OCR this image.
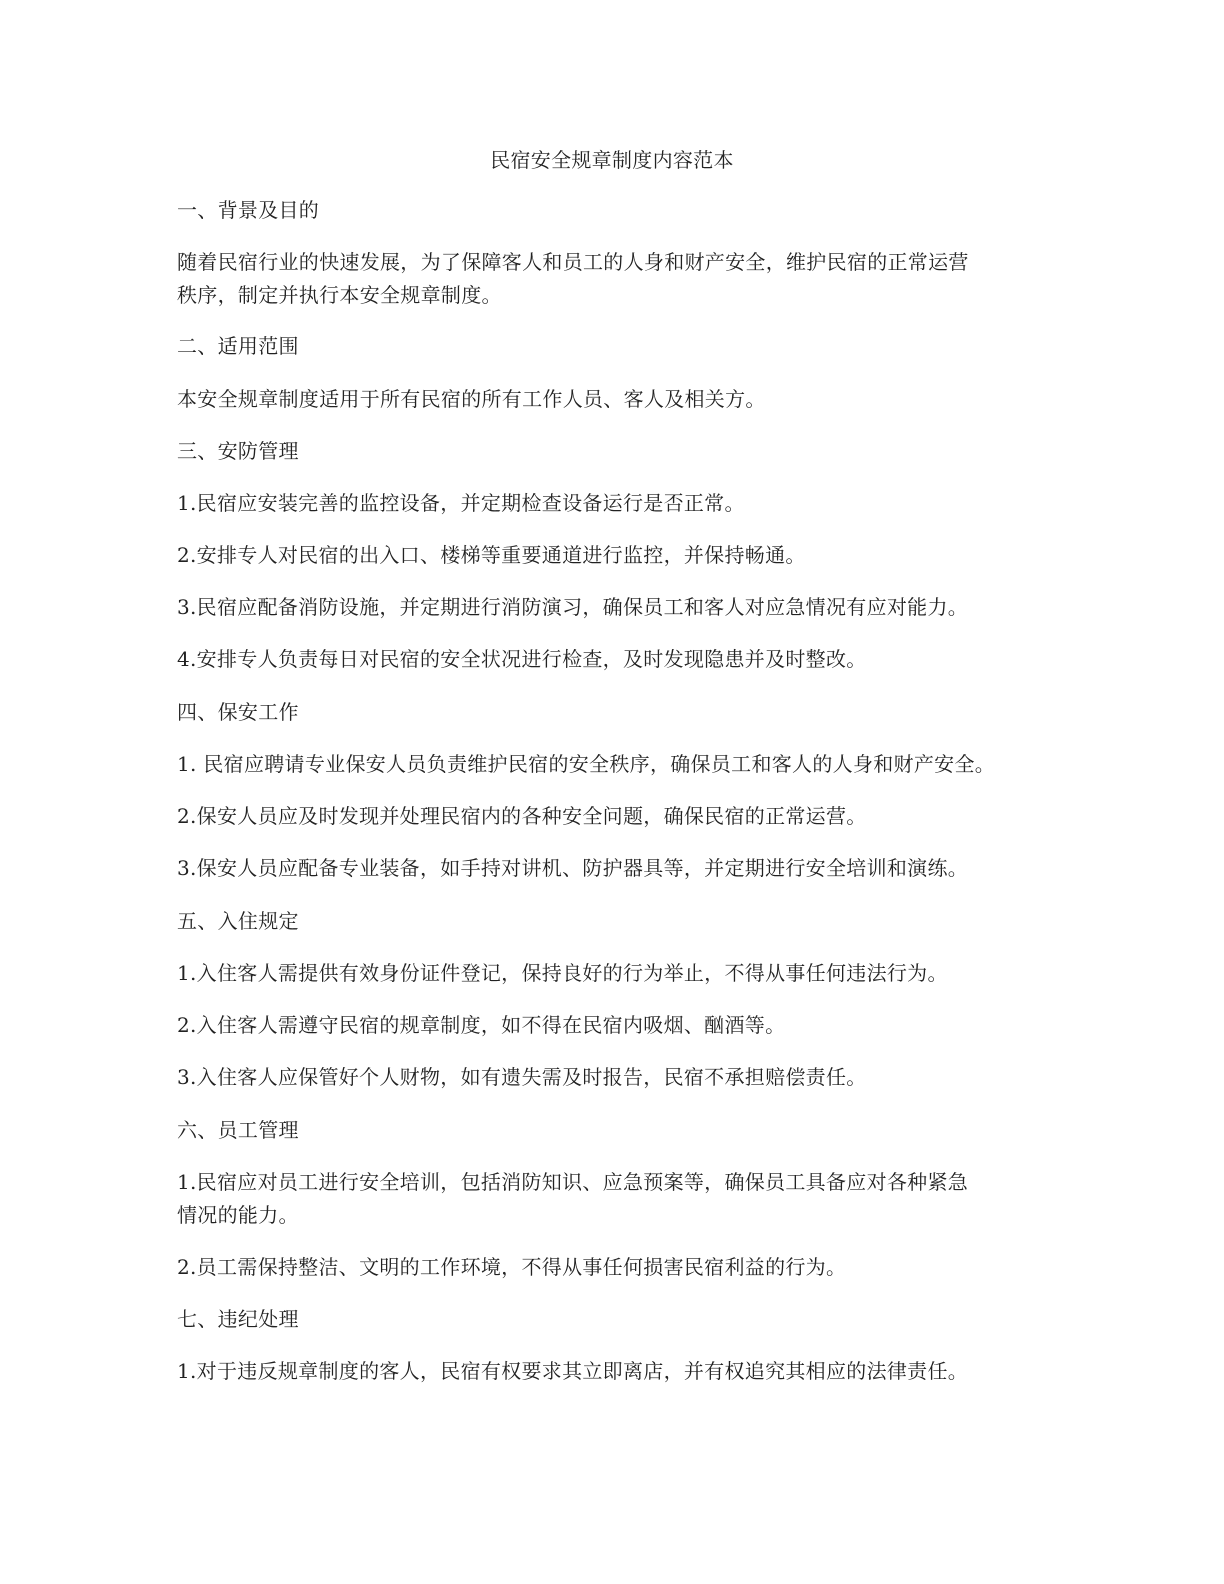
民宿安全规章制度内容范本
一、背景及目的
随着民宿行业的快速发展，为了保障客人和员工的人身和财产安全，维护民宿的正常运营
秩序，制定并执行本安全规章制度。
二、适用范围
本安全规章制度适用于所有民宿的所有工作人员、客人及相关方。
三、安防管理
1.民宿应安装完善的监控设备，并定期检查设备运行是否正常。
2.安排专人对民宿的出入口、楼梯等重要通道进行监控，并保持畅通。
3.民宿应配备消防设施，并定期进行消防演习，确保员工和客人对应急情况有应对能力。
4.安排专人负责每日对民宿的安全状况进行检查，及时发现隐患并及时整改。
四、保安工作
1. 民宿应聘请专业保安人员负责维护民宿的安全秩序，确保员工和客人的人身和财产安全。
2.保安人员应及时发现并处理民宿内的各种安全问题，确保民宿的正常运营。
3.保安人员应配备专业装备，如手持对讲机、防护器具等，并定期进行安全培训和演练。
五、入住规定
1.入住客人需提供有效身份证件登记，保持良好的行为举止，不得从事任何违法行为。
2.入住客人需遵守民宿的规章制度，如不得在民宿内吸烟、酗酒等。
3.入住客人应保管好个人财物，如有遗失需及时报告，民宿不承担赔偿责任。
六、员工管理
1.民宿应对员工进行安全培训，包括消防知识、应急预案等，确保员工具备应对各种紧急
情况的能力。
2.员工需保持整洁、文明的工作环境，不得从事任何损害民宿利益的行为。
七、违纪处理
1.对于违反规章制度的客人，民宿有权要求其立即离店，并有权追究其相应的法律责任。
